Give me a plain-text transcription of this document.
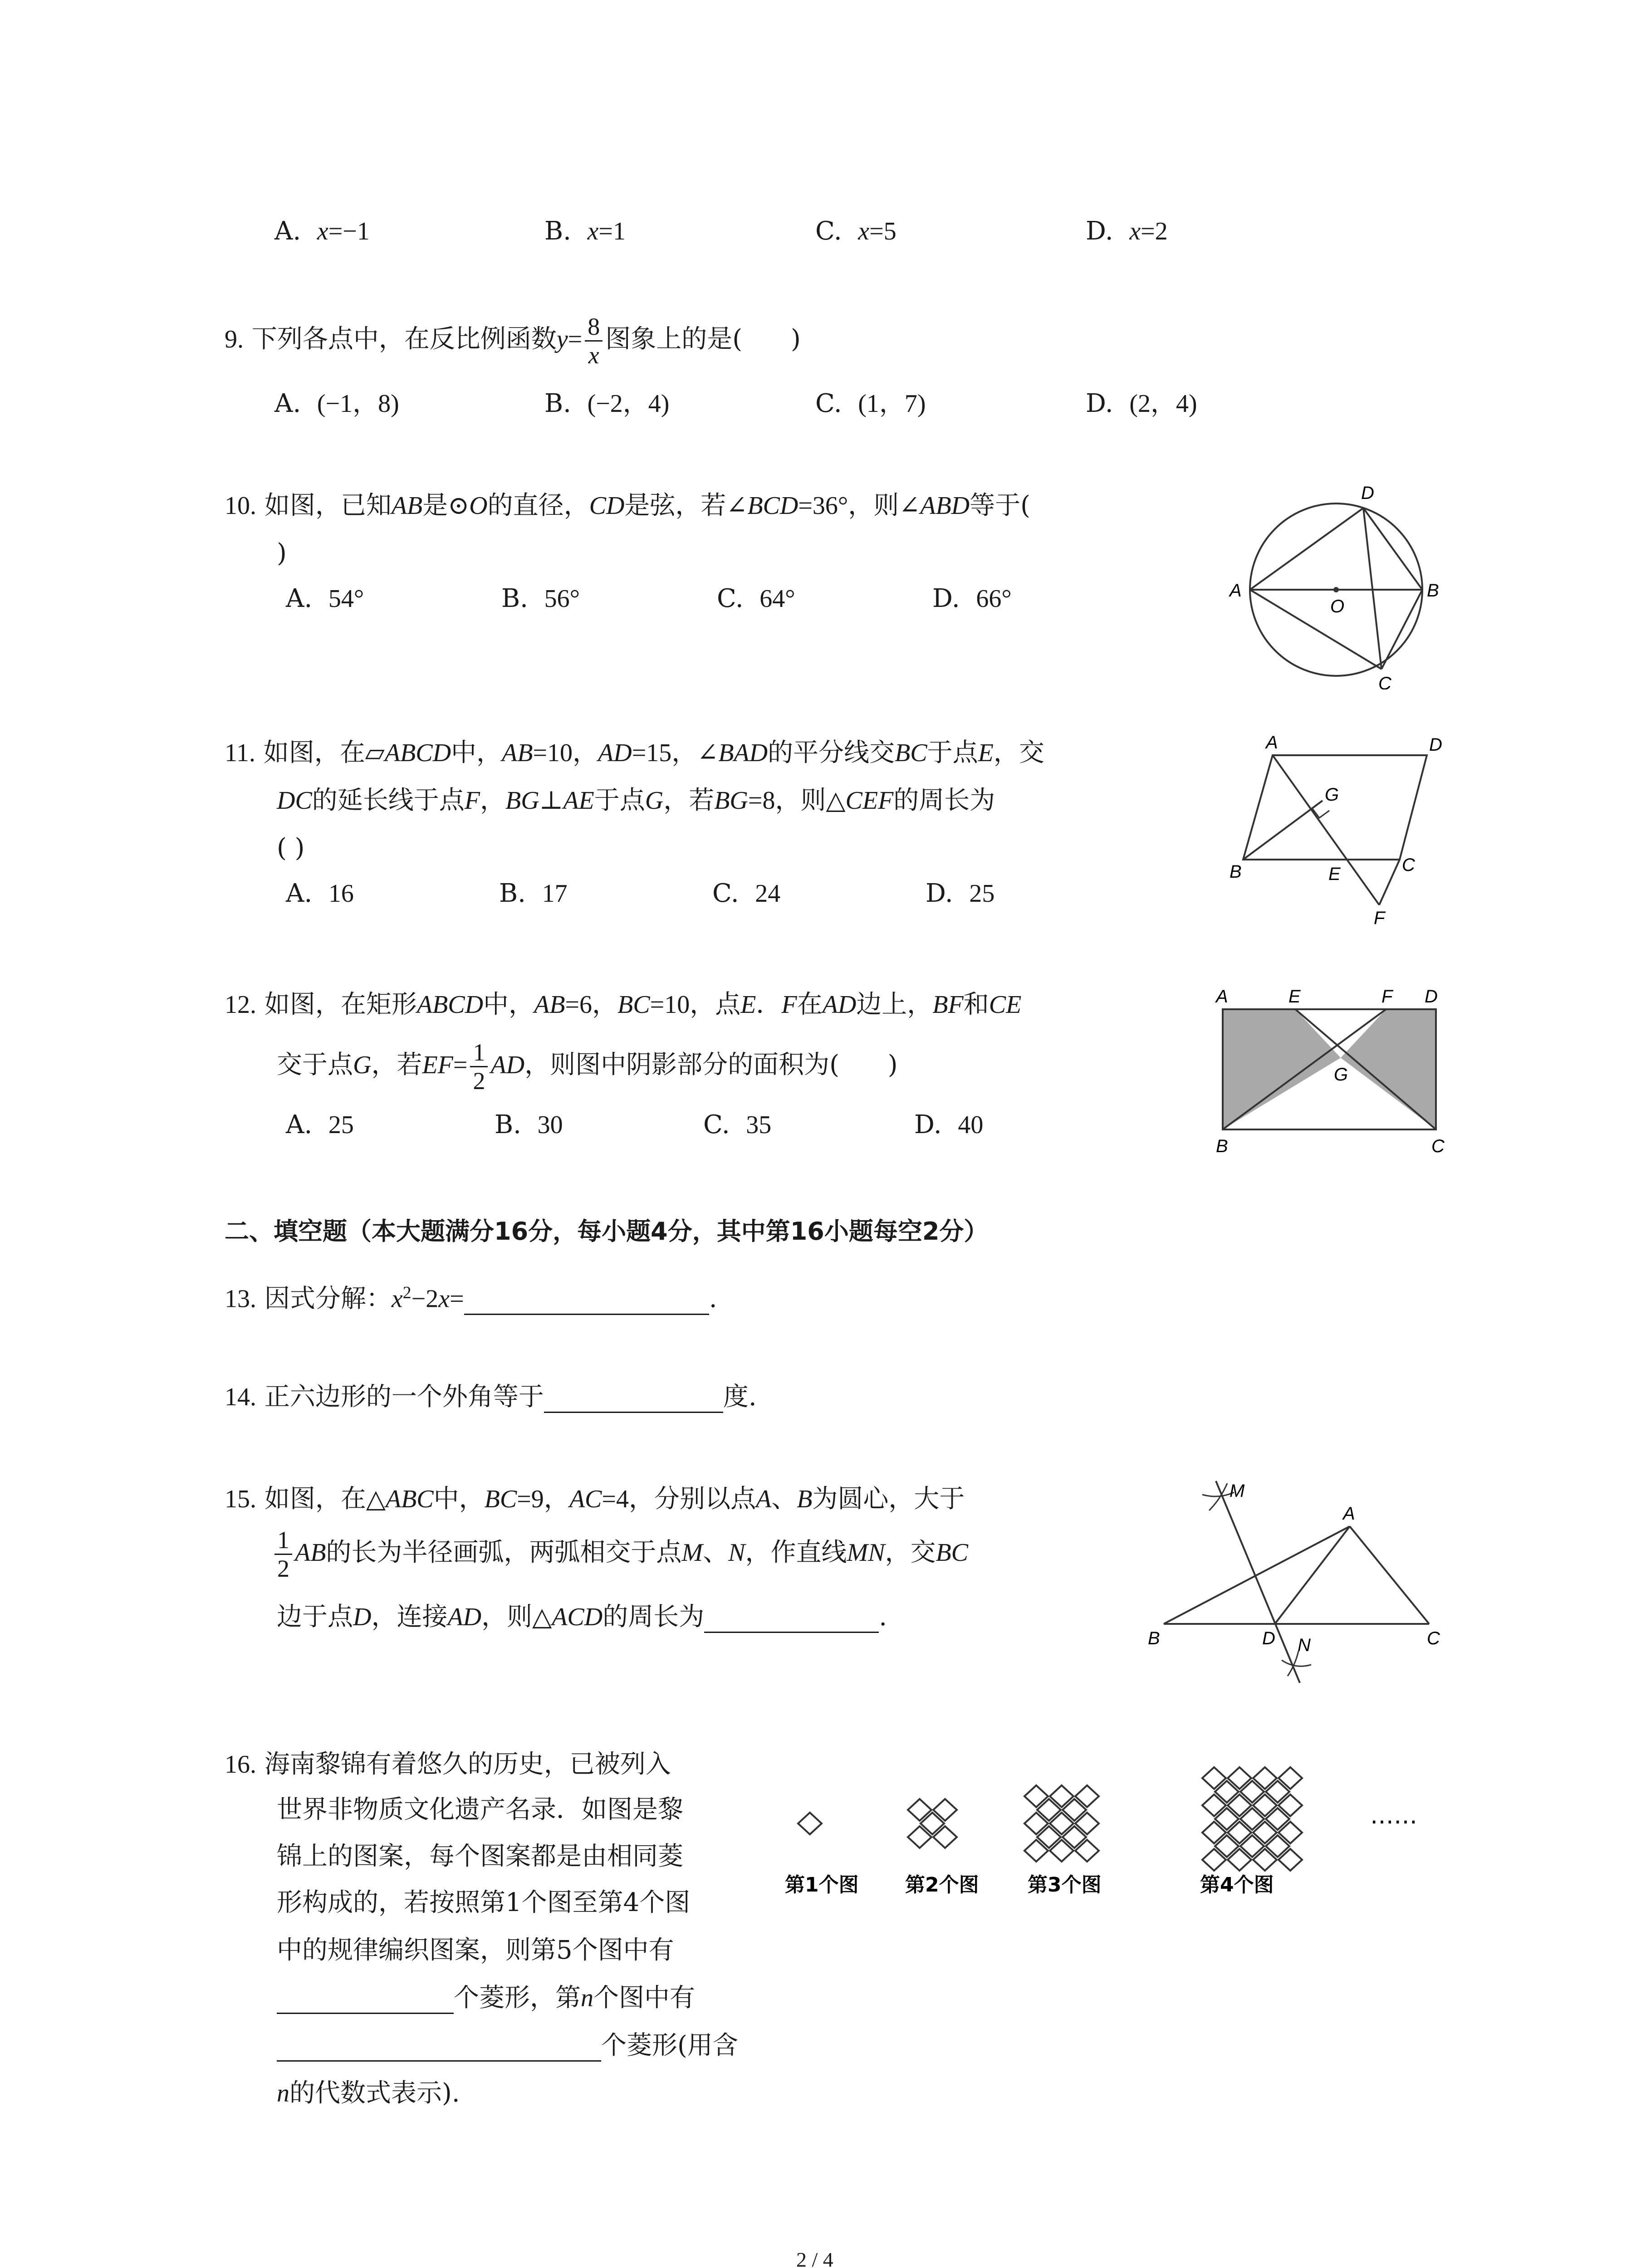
A. x=−1	B. x=1	C. x=5	D. x=2
9. 下列各点中，在反比例函数$y= \frac{8}{x}$ 图象上的是( )
A. (−1，8)	B. (−2，4)	C. (1，7)	D. (2，4)
10. 如图，已知AB是⊙O的直径，CD是弦，若∠BCD=36°，则∠ABD等于(
)
A. 54°	B. 56°	C. 64°	D. 66°	A	B
C
D
O
11. 如图，在▱ABCD中，AB=10，AD=15，∠BAD的平分线交BC于点E，交
DC的延长线于点F，BG⊥AE于点G，若BG=8，则△CEF的周长为
( )
A. 16	B. 17	C. 24	D. 25
A	D
B	C
E
F
G
12. 如图，在矩形ABCD中，AB=6，BC=10，点E．F在AD边上，BF和CE
交于点G，若$EF= \frac{1}{2}$ AD，则图中阴影部分的面积为( )
A. 25	B. 30	C. 35	D. 40
A	E	F D
B	C
G
二、填空题（本大题满分16分，每小题4分，其中第16小题每空2分）
13. 因式分解：$x^2-2x=$	.
14. 正六边形的一个外角等于	度.
15. 如图，在△ABC中，BC=9，AC=4，分别以点A、B为圆心，大于
$\frac{1}{2}$ AB的长为半径画弧，两弧相交于点M、N，作直线MN，交BC
边于点D，连接AD，则△ACD的周长为	.
M
A
B	D N	C
16. 海南黎锦有着悠久的历史，已被列入
世界非物质文化遗产名录．如图是黎
锦上的图案，每个图案都是由相同菱
形构成的，若按照第1个图至第4个图
中的规律编织图案，则第5个图中有
个菱形，第n个图中有
个菱形(用含
n的代数式表示).
第1个图 第2个图 第3个图	第4个图
……
2 / 4
